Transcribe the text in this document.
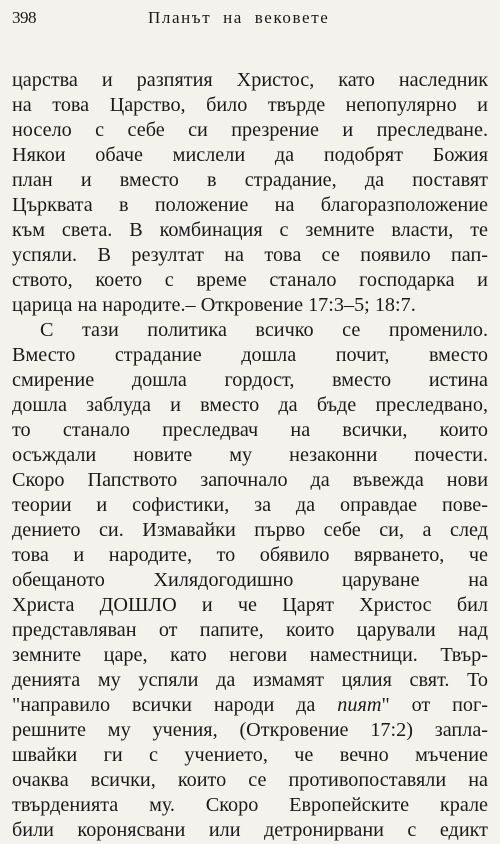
398	Планът на вековете
царства и разпятия Христос, като наследник
на това Царство, било твърде непопулярно и
носело с себе си презрение и преследване.
Някои обаче мислели да подобрят Божия
план и вместо в страдание, да поставят
Църквата в положение на благоразположение
към света. В комбинация с земните власти, те
успяли. В резултат на това се появило пап-
ството, което с време станало господарка и
царица на народите.– Откровение 17:3–5; 18:7.
С тази политика всичко се променило.
Вместо страдание дошла почит, вместо
смирение дошла гордост, вместо истина
дошла заблуда и вместо да бъде преследвано,
то станало преследвач на всички, които
осъждали новите му незаконни почести.
Скоро Папството започнало да въвежда нови
теории и софистики, за да оправдае пове-
дението си. Измавайки първо себе си, а след
това и народите, то обявило вярването, че
обещаното Хилядогодишно царуване на
Христа ДОШЛО и че Царят Христос бил
представляван от папите, които царували над
земните царе, като негови наместници. Твър-
денията му успяли да измамят цялия свят. То
"направило всички народи да пият" от пог-
решните му учения, (Откровение 17:2) запла-
швайки ги с учението, че вечно мъчение
очаква всички, които се противопоставяли на
твърденията му. Скоро Европейските крале
били коронясвани или детронирвани с едикт
